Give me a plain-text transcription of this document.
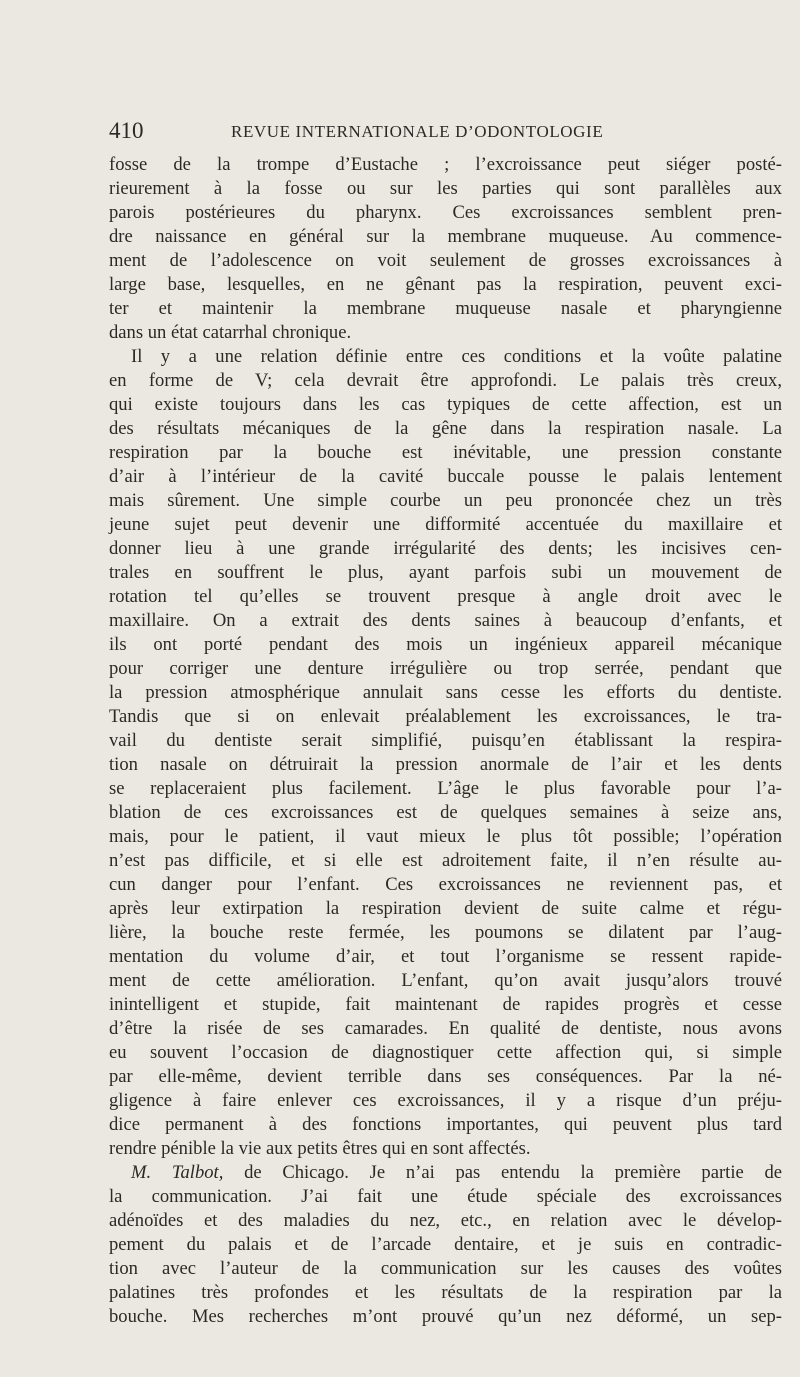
410	REVUE INTERNATIONALE D’ODONTOLOGIE
fosse de la trompe d’Eustache ; l’excroissance peut siéger posté-
rieurement à la fosse ou sur les parties qui sont parallèles aux
parois postérieures du pharynx. Ces excroissances semblent pren-
dre naissance en général sur la membrane muqueuse. Au commence-
ment de l’adolescence on voit seulement de grosses excroissances à
large base, lesquelles, en ne gênant pas la respiration, peuvent exci-
ter et maintenir la membrane muqueuse nasale et pharyngienne
dans un état catarrhal chronique.
Il y a une relation définie entre ces conditions et la voûte palatine
en forme de V; cela devrait être approfondi. Le palais très creux,
qui existe toujours dans les cas typiques de cette affection, est un
des résultats mécaniques de la gêne dans la respiration nasale. La
respiration par la bouche est inévitable, une pression constante
d’air à l’intérieur de la cavité buccale pousse le palais lentement
mais sûrement. Une simple courbe un peu prononcée chez un très
jeune sujet peut devenir une difformité accentuée du maxillaire et
donner lieu à une grande irrégularité des dents; les incisives cen-
trales en souffrent le plus, ayant parfois subi un mouvement de
rotation tel qu’elles se trouvent presque à angle droit avec le
maxillaire. On a extrait des dents saines à beaucoup d’enfants, et
ils ont porté pendant des mois un ingénieux appareil mécanique
pour corriger une denture irrégulière ou trop serrée, pendant que
la pression atmosphérique annulait sans cesse les efforts du dentiste.
Tandis que si on enlevait préalablement les excroissances, le tra-
vail du dentiste serait simplifié, puisqu’en établissant la respira-
tion nasale on détruirait la pression anormale de l’air et les dents
se replaceraient plus facilement. L’âge le plus favorable pour l’a-
blation de ces excroissances est de quelques semaines à seize ans,
mais, pour le patient, il vaut mieux le plus tôt possible; l’opération
n’est pas difficile, et si elle est adroitement faite, il n’en résulte au-
cun danger pour l’enfant. Ces excroissances ne reviennent pas, et
après leur extirpation la respiration devient de suite calme et régu-
lière, la bouche reste fermée, les poumons se dilatent par l’aug-
mentation du volume d’air, et tout l’organisme se ressent rapide-
ment de cette amélioration. L’enfant, qu’on avait jusqu’alors trouvé
inintelligent et stupide, fait maintenant de rapides progrès et cesse
d’être la risée de ses camarades. En qualité de dentiste, nous avons
eu souvent l’occasion de diagnostiquer cette affection qui, si simple
par elle-même, devient terrible dans ses conséquences. Par la né-
gligence à faire enlever ces excroissances, il y a risque d’un préju-
dice permanent à des fonctions importantes, qui peuvent plus tard
rendre pénible la vie aux petits êtres qui en sont affectés.
M. Talbot, de Chicago. Je n’ai pas entendu la première partie de
la communication. J’ai fait une étude spéciale des excroissances
adénoïdes et des maladies du nez, etc., en relation avec le dévelop-
pement du palais et de l’arcade dentaire, et je suis en contradic-
tion avec l’auteur de la communication sur les causes des voûtes
palatines très profondes et les résultats de la respiration par la
bouche. Mes recherches m’ont prouvé qu’un nez déformé, un sep-
